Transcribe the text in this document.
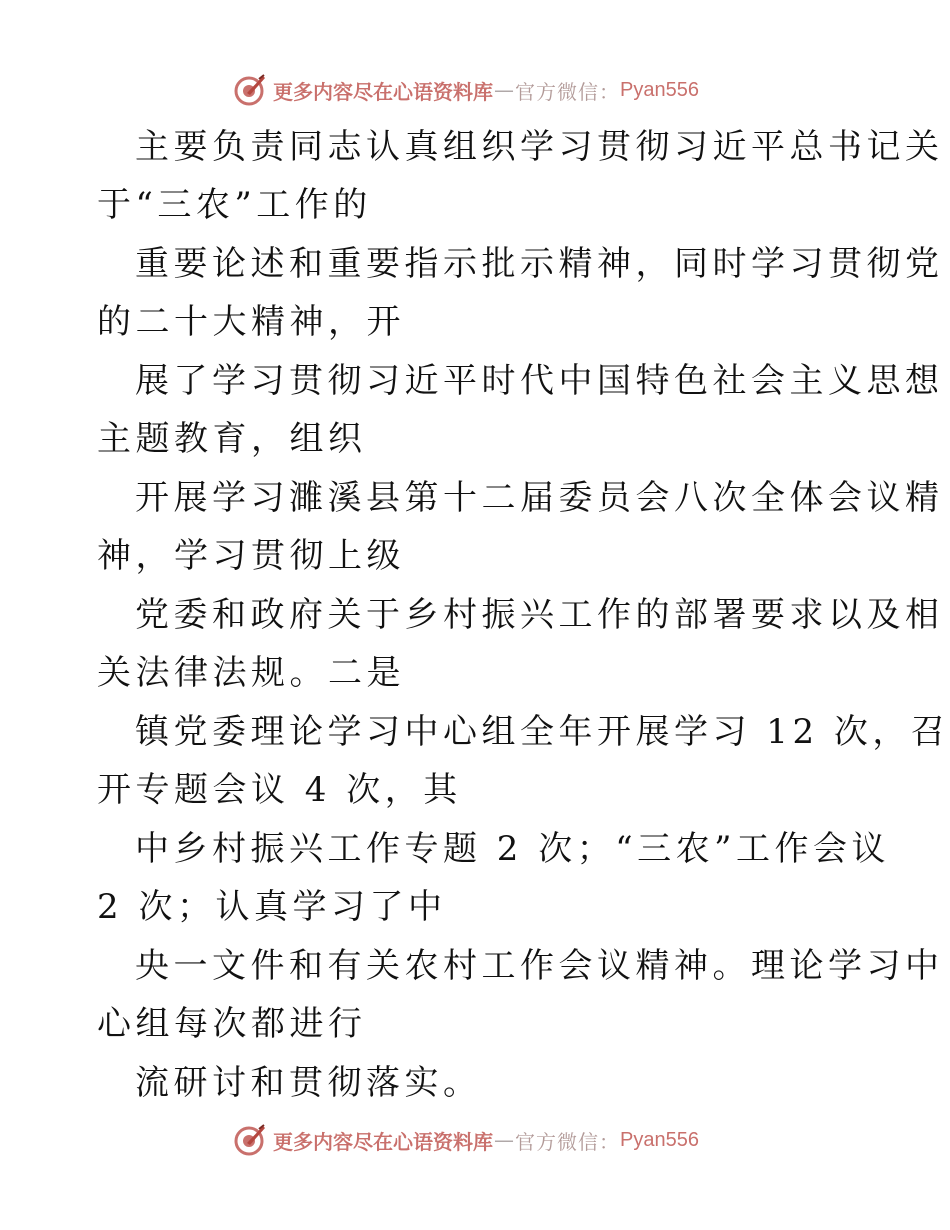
更多内容尽在心语资料库 — 官方微信： Pyan556
主要负责同志认真组织学习贯彻习近平总书记关
于“三农”工作的
重要论述和重要指示批示精神，同时学习贯彻党
的二十大精神，开
展了学习贯彻习近平时代中国特色社会主义思想
主题教育，组织
开展学习濉溪县第十二届委员会八次全体会议精
神，学习贯彻上级
党委和政府关于乡村振兴工作的部署要求以及相
关法律法规。二是
镇党委理论学习中心组全年开展学习 12 次，召
开专题会议 4 次，其
中乡村振兴工作专题 2 次；“三农”工作会议
2 次；认真学习了中
央一文件和有关农村工作会议精神。理论学习中
心组每次都进行
流研讨和贯彻落实。
更多内容尽在心语资料库 — 官方微信： Pyan556
